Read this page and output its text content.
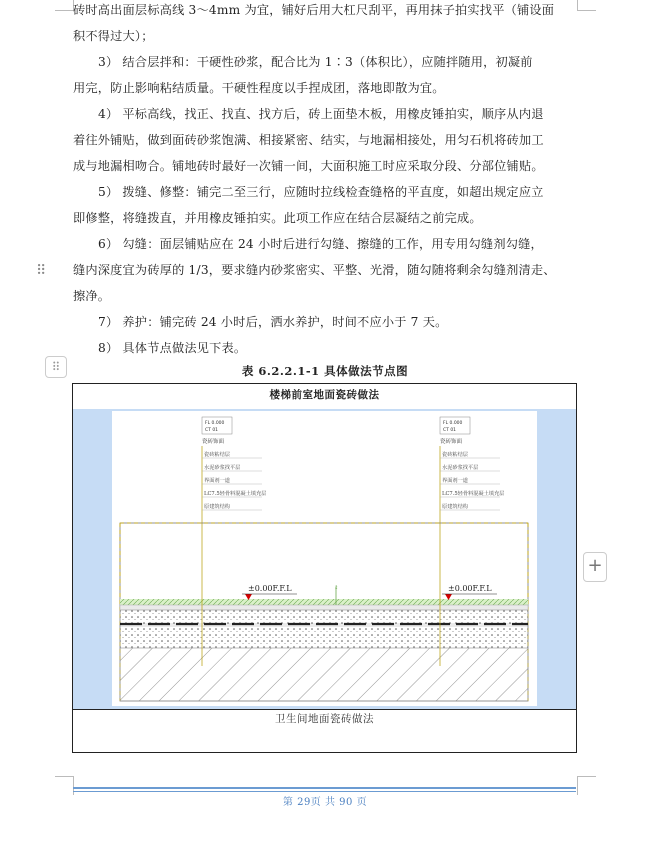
砖时高出面层标高线 3～4mm 为宜，铺好后用大杠尺刮平，再用抹子拍实找平（铺设面
积不得过大）；
3） 结合层拌和：干硬性砂浆，配合比为 1∶3（体积比），应随拌随用，初凝前
用完，防止影响粘结质量。干硬性程度以手捏成团，落地即散为宜。
4） 平标高线，找正、找直、找方后，砖上面垫木板，用橡皮锤拍实，顺序从内退
着往外铺贴，做到面砖砂浆饱满、相接紧密、结实，与地漏相接处，用匀石机将砖加工
成与地漏相吻合。铺地砖时最好一次铺一间，大面积施工时应采取分段、分部位铺贴。
5） 拨缝、修整：铺完二至三行，应随时拉线检查缝格的平直度，如超出规定应立
即修整，将缝拨直，并用橡皮锤拍实。此项工作应在结合层凝结之前完成。
6） 勾缝：面层铺贴应在 24 小时后进行勾缝、擦缝的工作，用专用勾缝剂勾缝，
缝内深度宜为砖厚的 1/3，要求缝内砂浆密实、平整、光滑，随勾随将剩余勾缝剂清走、
擦净。
7） 养护：铺完砖 24 小时后，洒水养护，时间不应小于 7 天。
8） 具体节点做法见下表。
⠿
⠿	表 6.2.2.1-1 具体做法节点图
楼梯前室地面瓷砖做法
FL 0.000
CT 01
瓷砖饰面
瓷砖粘结层
水泥砂浆找平层
界面剂一道
LC7.5轻骨料混凝土填充层
原建筑结构
FL 0.000
CT 01
瓷砖饰面
瓷砖粘结层
水泥砂浆找平层
界面剂一道
LC7.5轻骨料混凝土填充层
原建筑结构
↕
±0.00F.F.L	±0.00F.F.L
卫生间地面瓷砖做法
+
第 29页 共 90 页
